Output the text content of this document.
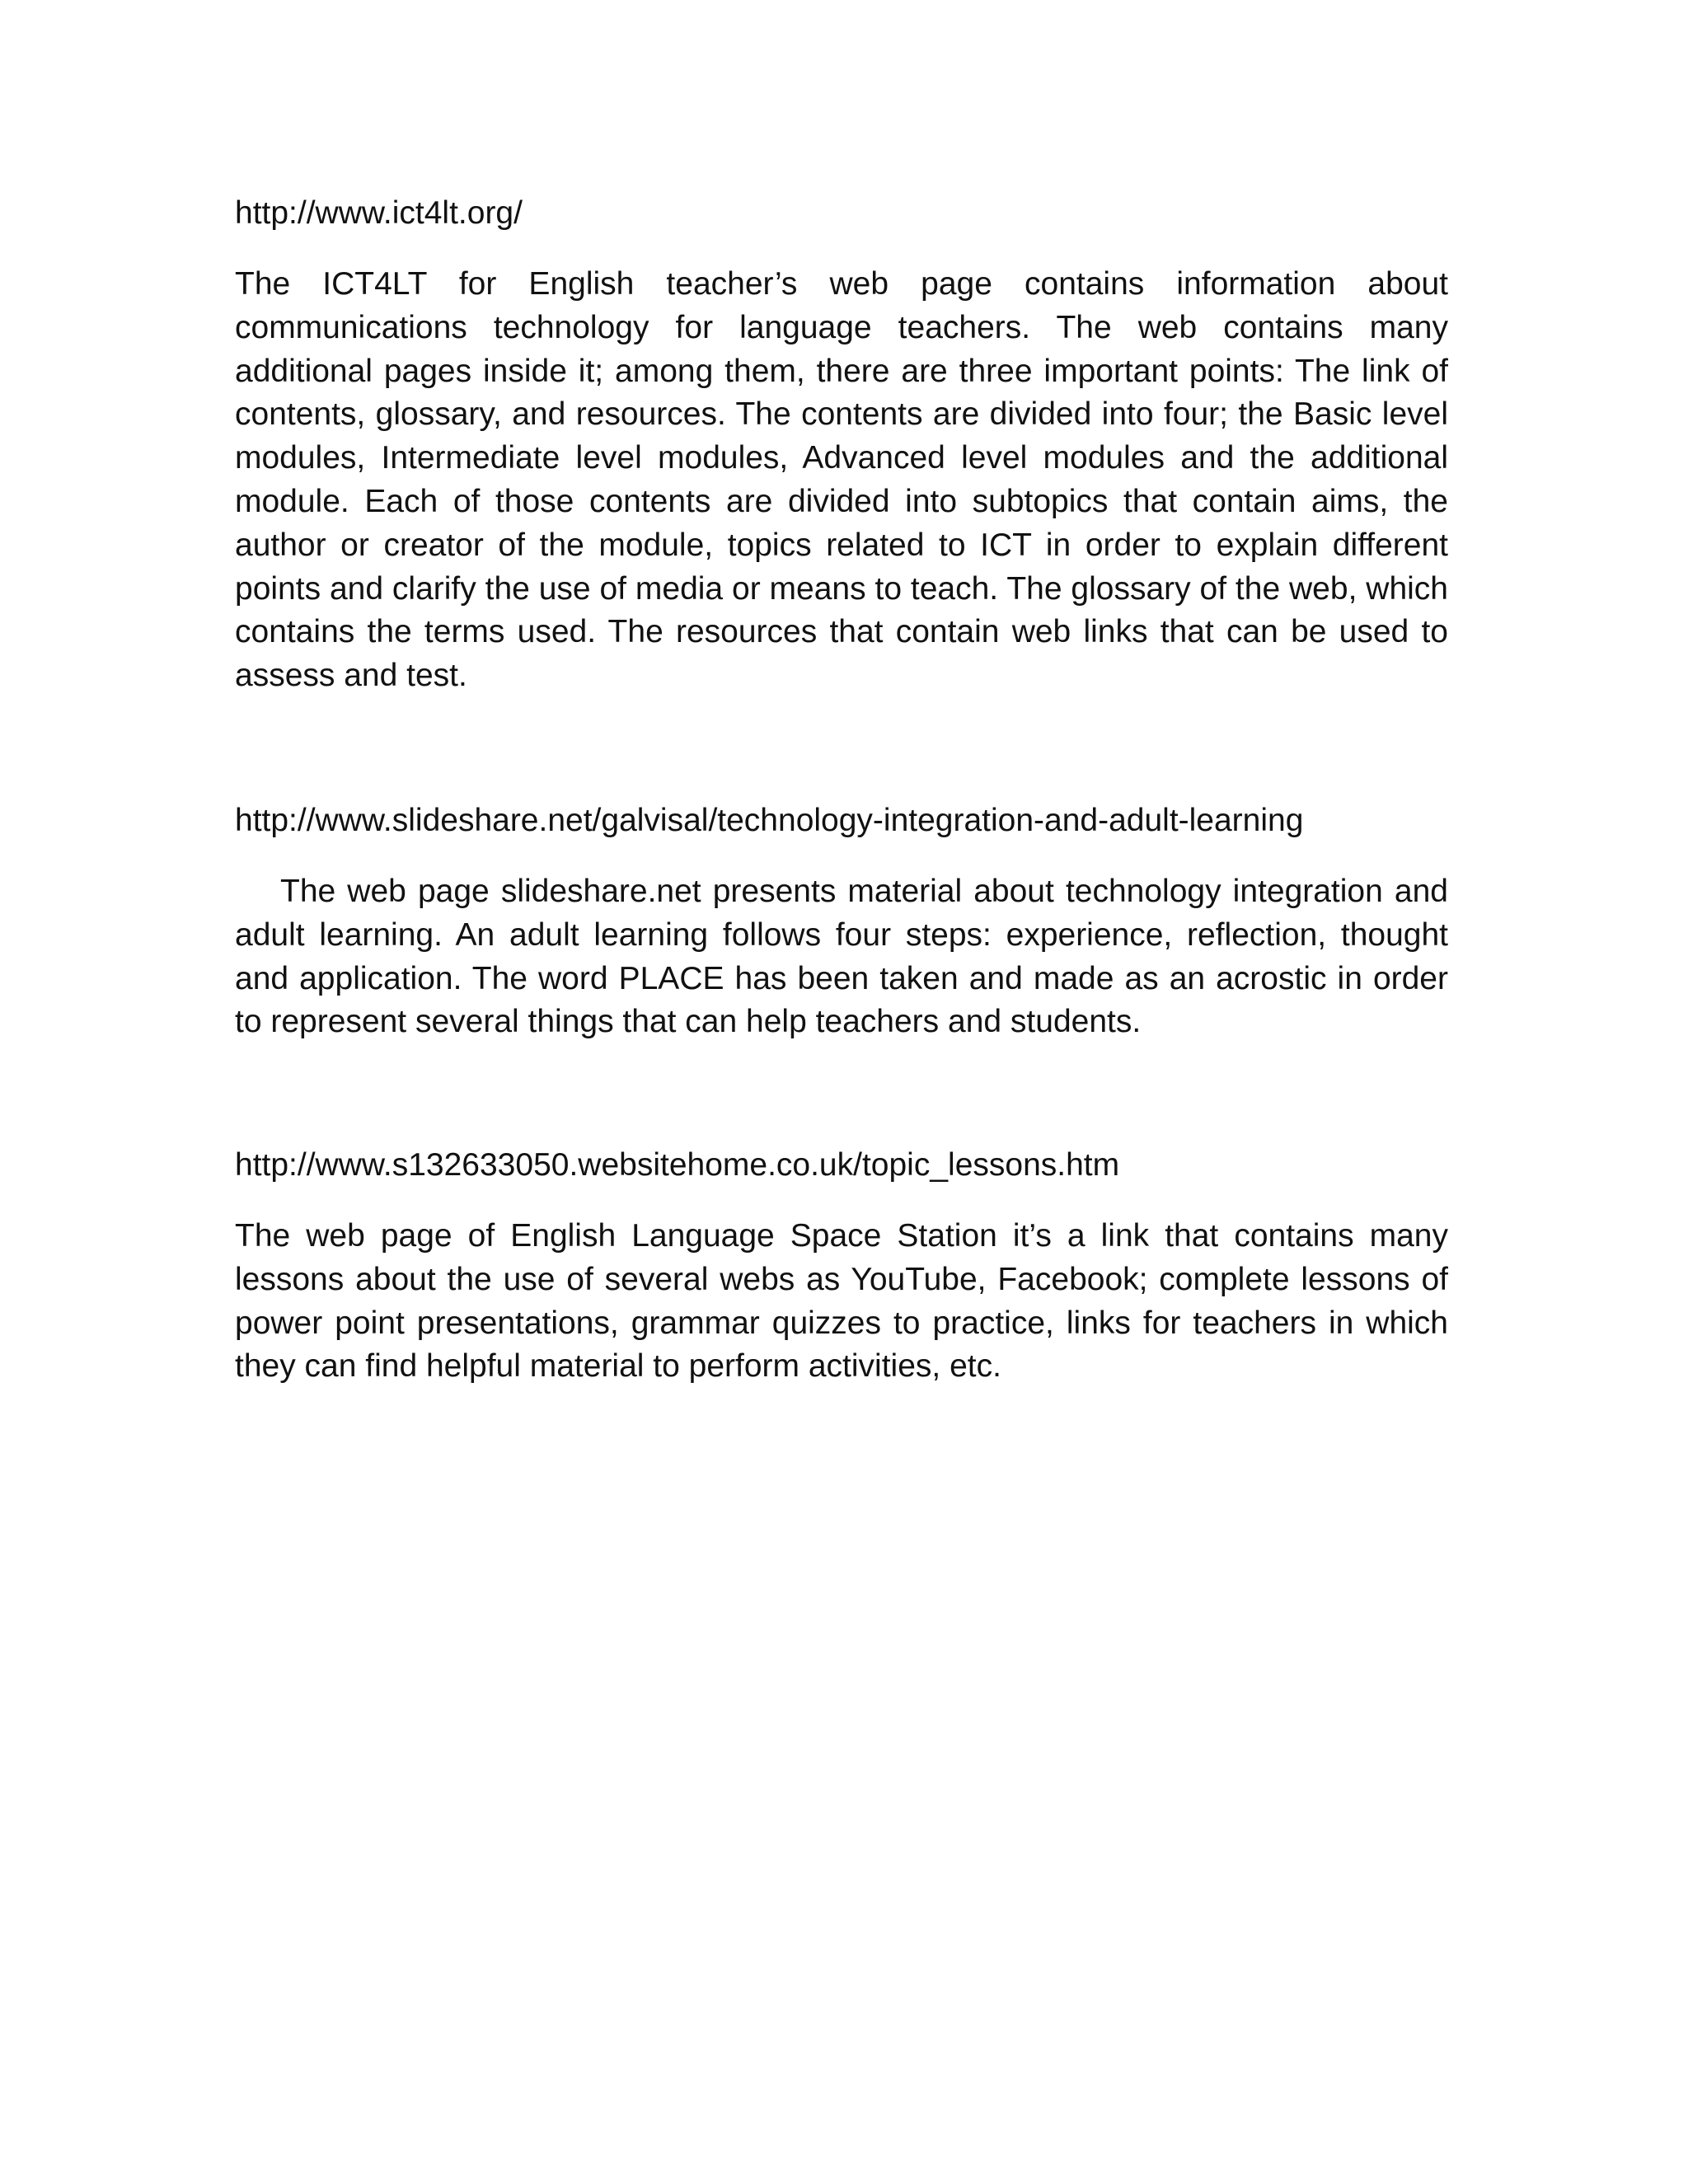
http://www.ict4lt.org/

The ICT4LT for English teacher’s web page contains information about communications technology for language teachers. The web contains many additional pages inside it; among them, there are three important points: The link of contents, glossary, and resources. The contents are divided into four; the Basic level modules, Intermediate level modules, Advanced level modules and the additional module. Each of those contents are divided into subtopics that contain aims, the author or creator of the module, topics related to ICT in order to explain different points and clarify the use of media or means to teach. The glossary of the web, which contains the terms used. The resources that contain web links that can be used to assess and test.

http://www.slideshare.net/galvisal/technology-integration-and-adult-learning

The web page slideshare.net presents material about technology integration and adult learning. An adult learning follows four steps: experience, reflection, thought and application. The word PLACE has been taken and made as an acrostic in order to represent several things that can help teachers and students.

http://www.s132633050.websitehome.co.uk/topic_lessons.htm

The web page of English Language Space Station it’s a link that contains many lessons about the use of several webs as YouTube, Facebook; complete lessons of power point presentations, grammar quizzes to practice, links for teachers in which they can find helpful material to perform activities, etc.
